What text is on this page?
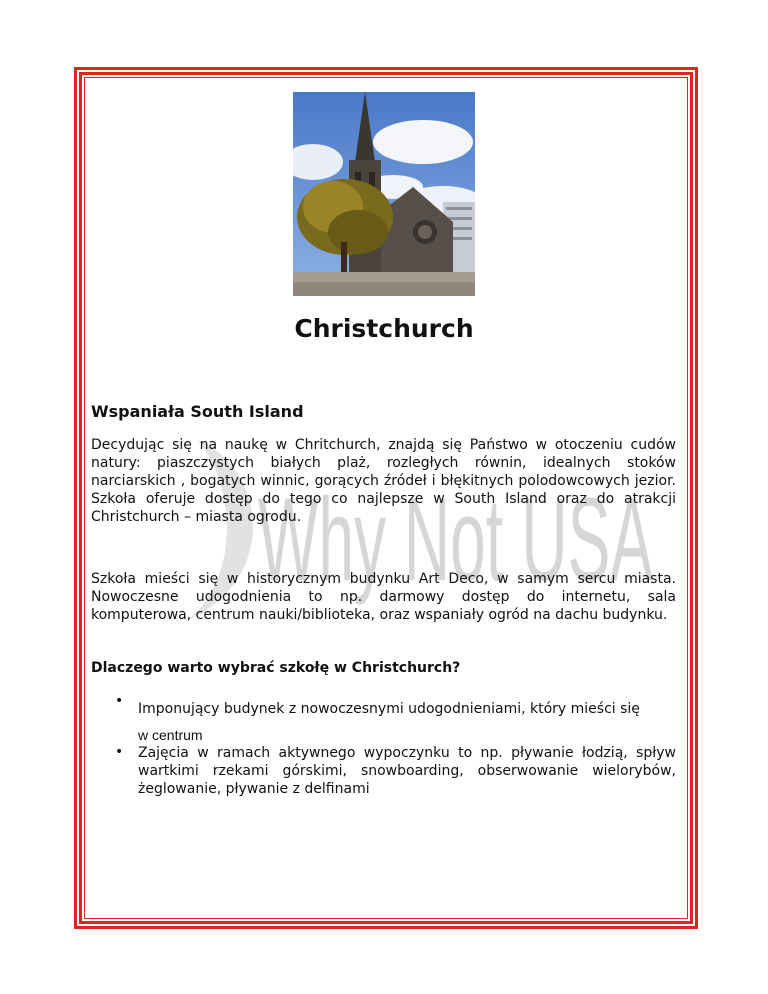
Why Not USA
Christchurch

Wspaniała South Island

Decydując się na naukę w Chritchurch, znajdą się Państwo w otoczeniu cudów natury: piaszczystych białych plaż, rozległych równin, idealnych stoków narciarskich , bogatych winnic, gorących źródeł i błękitnych polodowcowych jezior. Szkoła oferuje dostęp do tego co najlepsze w South Island oraz do atrakcji Christchurch – miasta ogrodu.

Szkoła mieści się w historycznym budynku Art Deco, w samym sercu miasta. Nowoczesne udogodnienia to np. darmowy dostęp do internetu, sala komputerowa, centrum nauki/biblioteka, oraz wspaniały ogród na dachu budynku.

Dlaczego warto wybrać szkołę w Christchurch?

• Imponujący budynek z nowoczesnymi udogodnieniami, który mieści się
w centrum
• Zajęcia w ramach aktywnego wypoczynku to np. pływanie łodzią, spływ wartkimi rzekami górskimi, snowboarding, obserwowanie wielorybów, żeglowanie, pływanie z delfinami
